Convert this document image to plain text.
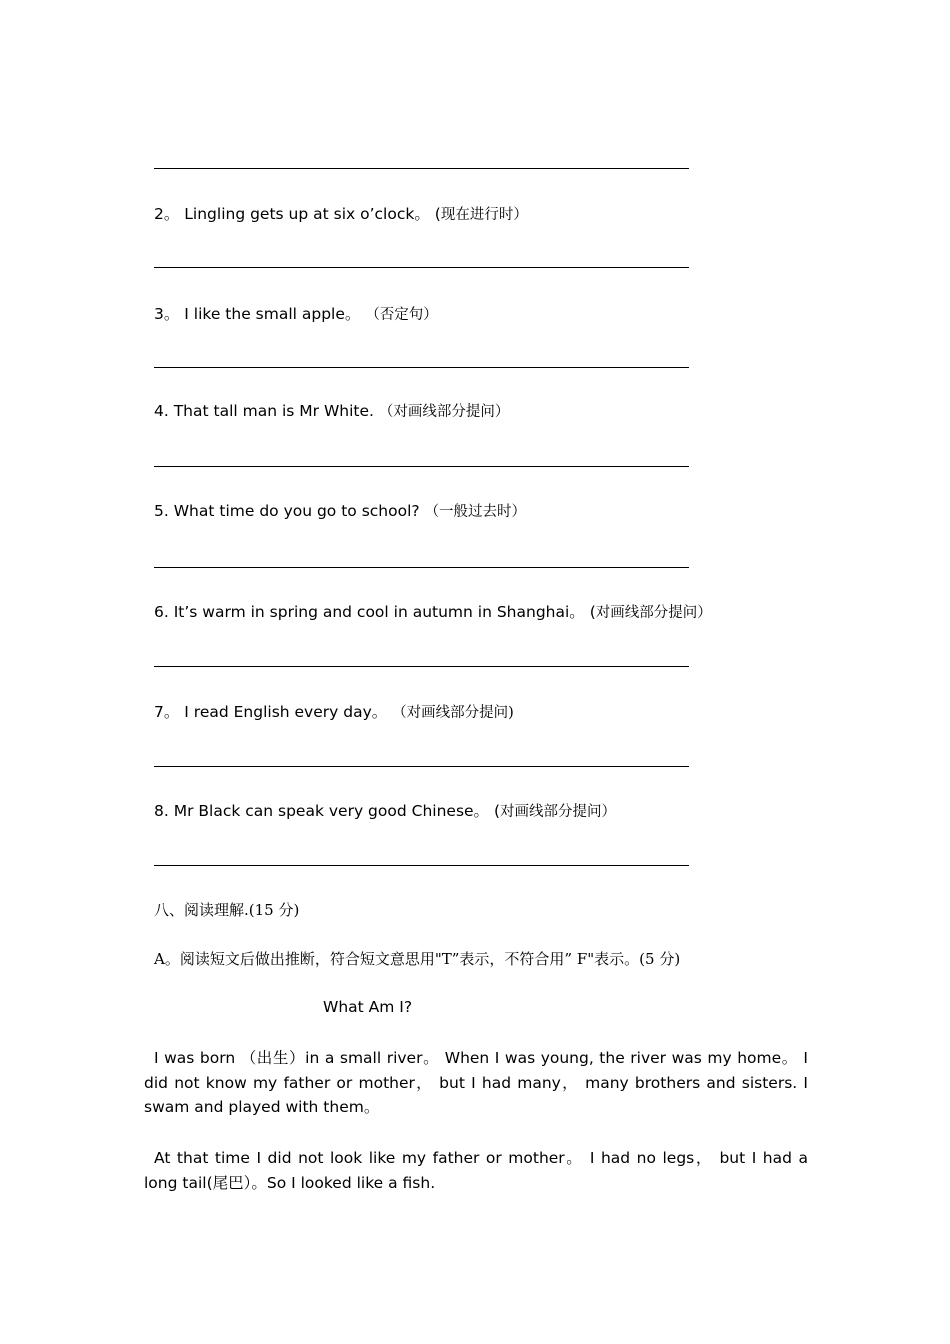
2。 Lingling gets up at six o’clock。 (现在进行时）
3。 I like the small apple。 （否定句）
4. That tall man is Mr White. （对画线部分提问）
5. What time do you go to school? （一般过去时）
6. It’s warm in spring and cool in autumn in Shanghai。 (对画线部分提问）
7。 I read English every day。 （对画线部分提问)
8. Mr Black can speak very good Chinese。 (对画线部分提问）
八、阅读理解.(15 分)
A。阅读短文后做出推断，符合短文意思用"T”表示，不符合用” F"表示。(5 分)
What Am I?
I was born （出生）in a small river。 When I was young, the river was my home。 I did not know my father or mother， but I had many， many brothers and sisters. I swam and played with them。
At that time I did not look like my father or mother。 I had no legs， but I had a long tail(尾巴）。So I looked like a fish.
